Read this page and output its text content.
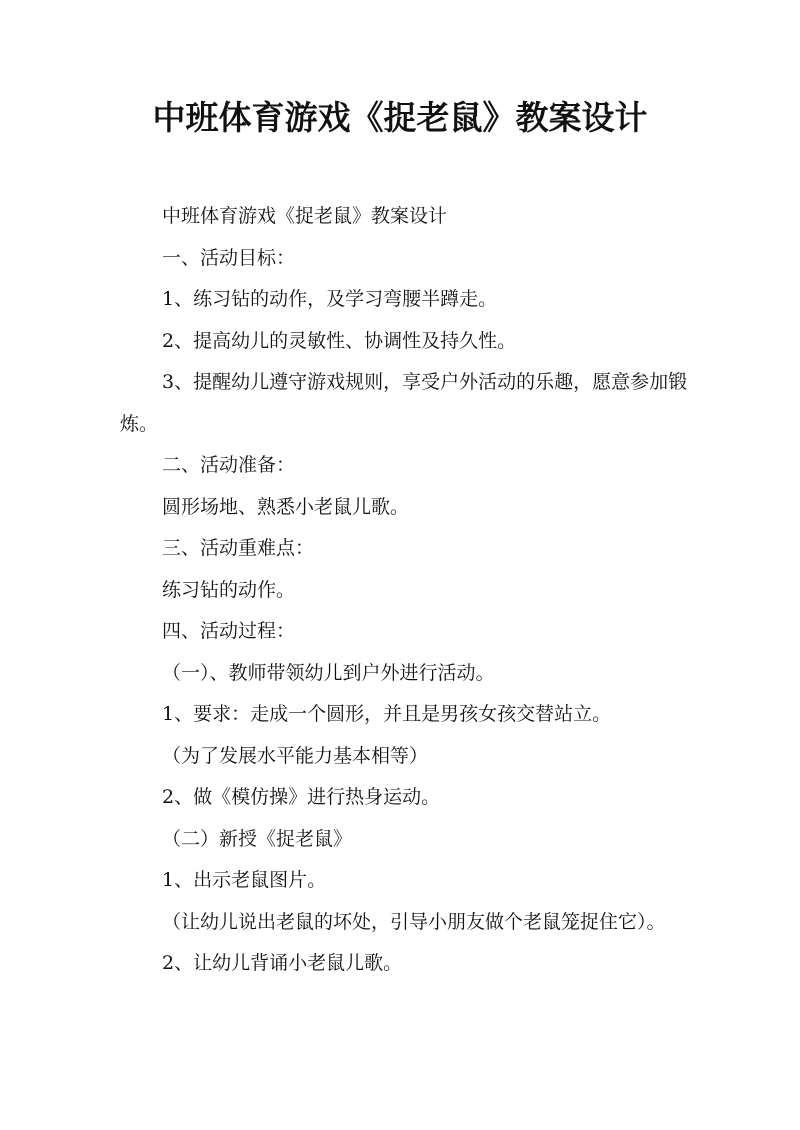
中班体育游戏《捉老鼠》教案设计

中班体育游戏《捉老鼠》教案设计

一、活动目标：

1、练习钻的动作，及学习弯腰半蹲走。

2、提高幼儿的灵敏性、协调性及持久性。

3、提醒幼儿遵守游戏规则，享受户外活动的乐趣，愿意参加锻炼。

二、活动准备：

圆形场地、熟悉小老鼠儿歌。

三、活动重难点：

练习钻的动作。

四、活动过程：

（一）、教师带领幼儿到户外进行活动。

1、要求：走成一个圆形，并且是男孩女孩交替站立。

（为了发展水平能力基本相等）

2、做《模仿操》进行热身运动。

（二）新授《捉老鼠》

1、出示老鼠图片。

（让幼儿说出老鼠的坏处，引导小朋友做个老鼠笼捉住它）。

2、让幼儿背诵小老鼠儿歌。
